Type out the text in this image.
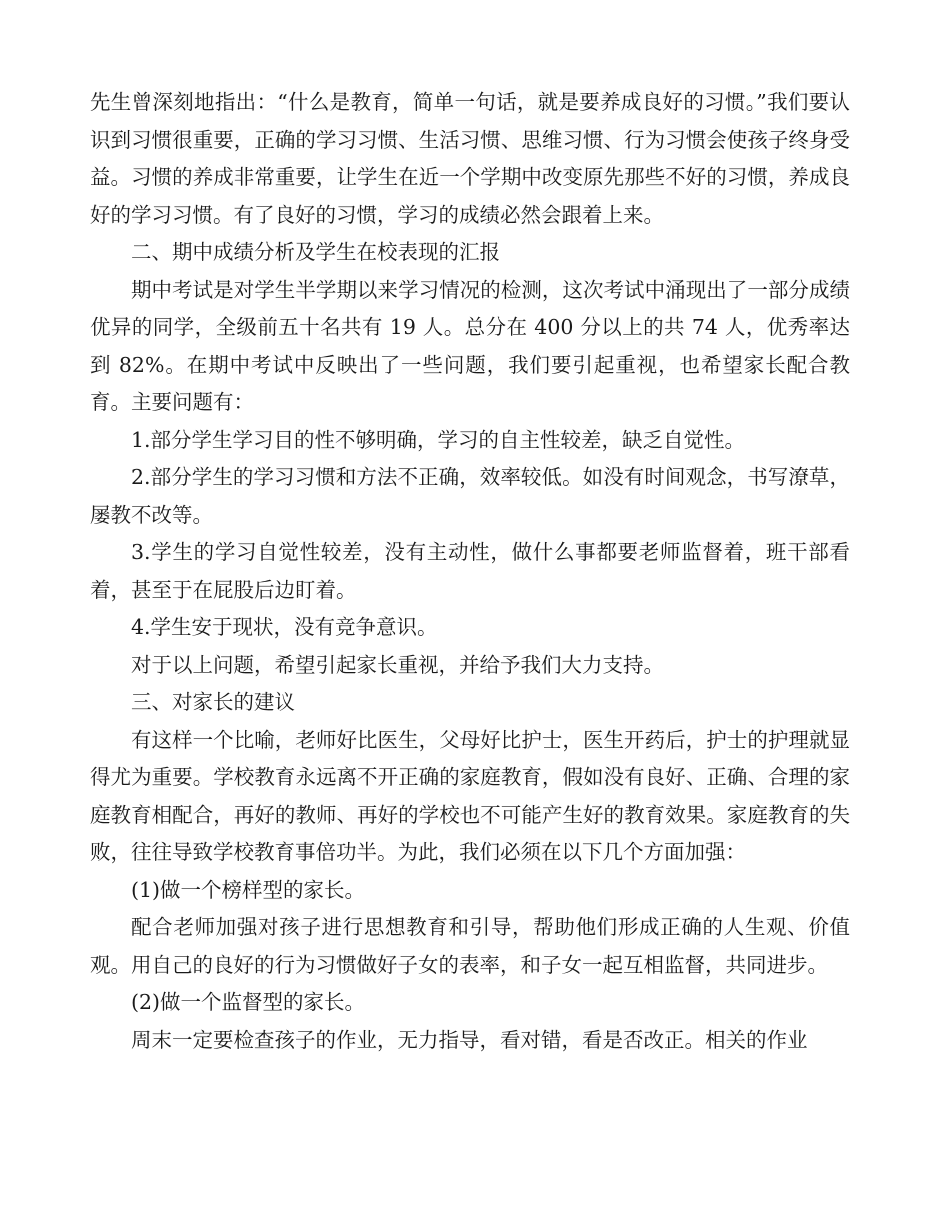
先生曾深刻地指出：“什么是教育，简单一句话，就是要养成良好的习惯。”我们要认识到习惯很重要，正确的学习习惯、生活习惯、思维习惯、行为习惯会使孩子终身受益。习惯的养成非常重要，让学生在近一个学期中改变原先那些不好的习惯，养成良好的学习习惯。有了良好的习惯，学习的成绩必然会跟着上来。

二、期中成绩分析及学生在校表现的汇报

期中考试是对学生半学期以来学习情况的检测，这次考试中涌现出了一部分成绩优异的同学，全级前五十名共有 19 人。总分在 400 分以上的共 74 人，优秀率达到 82%。在期中考试中反映出了一些问题，我们要引起重视，也希望家长配合教育。主要问题有：

1.部分学生学习目的性不够明确，学习的自主性较差，缺乏自觉性。

2.部分学生的学习习惯和方法不正确，效率较低。如没有时间观念，书写潦草，屡教不改等。

3.学生的学习自觉性较差，没有主动性，做什么事都要老师监督着，班干部看着，甚至于在屁股后边盯着。

4.学生安于现状，没有竞争意识。

对于以上问题，希望引起家长重视，并给予我们大力支持。

三、对家长的建议

有这样一个比喻，老师好比医生，父母好比护士，医生开药后，护士的护理就显得尤为重要。学校教育永远离不开正确的家庭教育，假如没有良好、正确、合理的家庭教育相配合，再好的教师、再好的学校也不可能产生好的教育效果。家庭教育的失败，往往导致学校教育事倍功半。为此，我们必须在以下几个方面加强：

(1)做一个榜样型的家长。

配合老师加强对孩子进行思想教育和引导，帮助他们形成正确的人生观、价值观。用自己的良好的行为习惯做好子女的表率，和子女一起互相监督，共同进步。

(2)做一个监督型的家长。

周末一定要检查孩子的作业，无力指导，看对错，看是否改正。相关的作业
